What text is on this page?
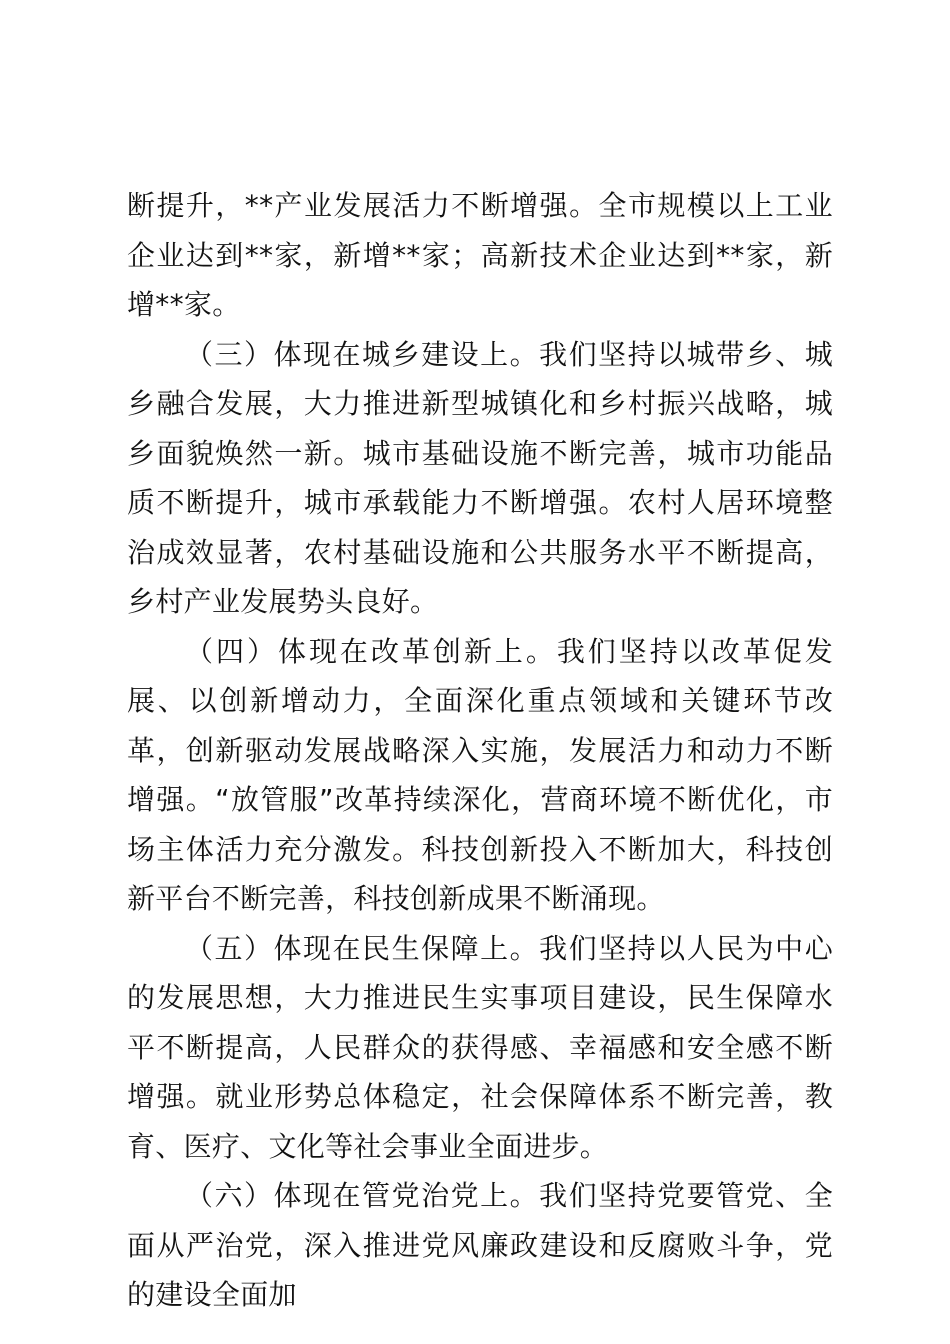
断提升，**产业发展活力不断增强。全市规模以上工业企业达到**家，新增**家；高新技术企业达到**家，新增**家。

（三）体现在城乡建设上。我们坚持以城带乡、城乡融合发展，大力推进新型城镇化和乡村振兴战略，城乡面貌焕然一新。城市基础设施不断完善，城市功能品质不断提升，城市承载能力不断增强。农村人居环境整治成效显著，农村基础设施和公共服务水平不断提高，乡村产业发展势头良好。

（四）体现在改革创新上。我们坚持以改革促发展、以创新增动力，全面深化重点领域和关键环节改革，创新驱动发展战略深入实施，发展活力和动力不断增强。“放管服”改革持续深化，营商环境不断优化，市场主体活力充分激发。科技创新投入不断加大，科技创新平台不断完善，科技创新成果不断涌现。

（五）体现在民生保障上。我们坚持以人民为中心的发展思想，大力推进民生实事项目建设，民生保障水平不断提高，人民群众的获得感、幸福感和安全感不断增强。就业形势总体稳定，社会保障体系不断完善，教育、医疗、文化等社会事业全面进步。

（六）体现在管党治党上。我们坚持党要管党、全面从严治党，深入推进党风廉政建设和反腐败斗争，党的建设全面加
